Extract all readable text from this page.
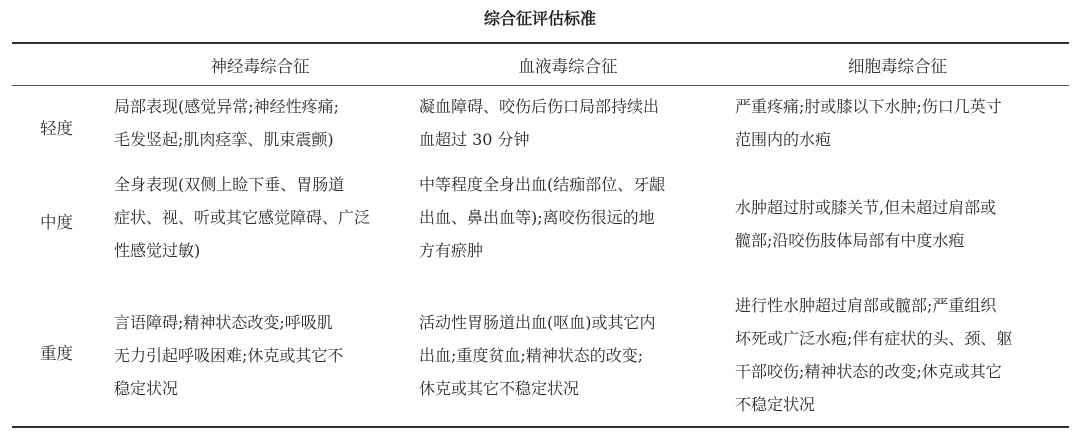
综合征评估标准
神经毒综合征	血液毒综合征	细胞毒综合征
轻度
局部表现(感觉异常;神经性疼痛;
毛发竖起;肌肉痉挛、肌束震颤)
凝血障碍、咬伤后伤口局部持续出
血超过 30 分钟
严重疼痛;肘或膝以下水肿;伤口几英寸
范围内的水疱
中度
全身表现(双侧上睑下垂、胃肠道
症状、视、听或其它感觉障碍、广泛
性感觉过敏)
中等程度全身出血(结痂部位、牙龈
出血、鼻出血等);离咬伤很远的地
方有瘀肿
水肿超过肘或膝关节,但未超过肩部或
髋部;沿咬伤肢体局部有中度水疱
重度
言语障碍;精神状态改变;呼吸肌
无力引起呼吸困难;休克或其它不
稳定状况
活动性胃肠道出血(呕血)或其它内
出血;重度贫血;精神状态的改变;
休克或其它不稳定状况
进行性水肿超过肩部或髋部;严重组织
坏死或广泛水疱;伴有症状的头、颈、躯
干部咬伤;精神状态的改变;休克或其它
不稳定状况
